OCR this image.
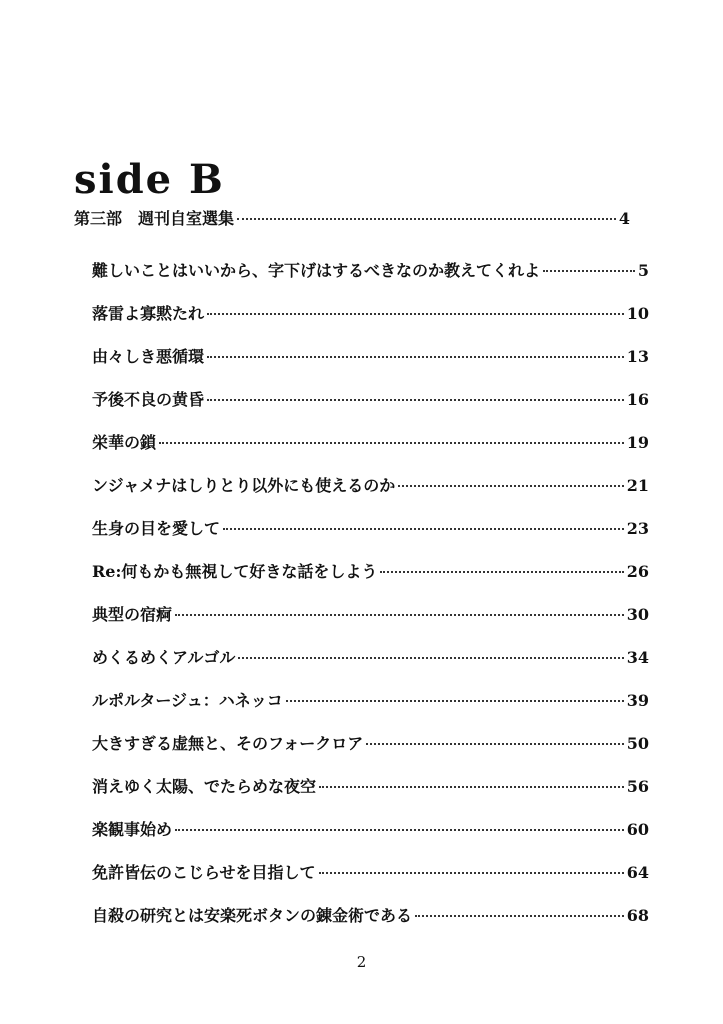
side B
第三部　週刊自室選集	4
難しいことはいいから、字下げはするべきなのか教えてくれよ	5
落雷よ寡黙たれ	10
由々しき悪循環	13
予後不良の黄昏	16
栄華の鎖	19
ンジャメナはしりとり以外にも使えるのか	21
生身の目を愛して	23
Re:何もかも無視して好きな話をしよう	26
典型の宿痾	30
めくるめくアルゴル	34
ルポルタージュ：ハネッコ	39
大きすぎる虚無と、そのフォークロア	50
消えゆく太陽、でたらめな夜空	56
楽観事始め	60
免許皆伝のこじらせを目指して	64
自殺の研究とは安楽死ボタンの錬金術である	68
2
